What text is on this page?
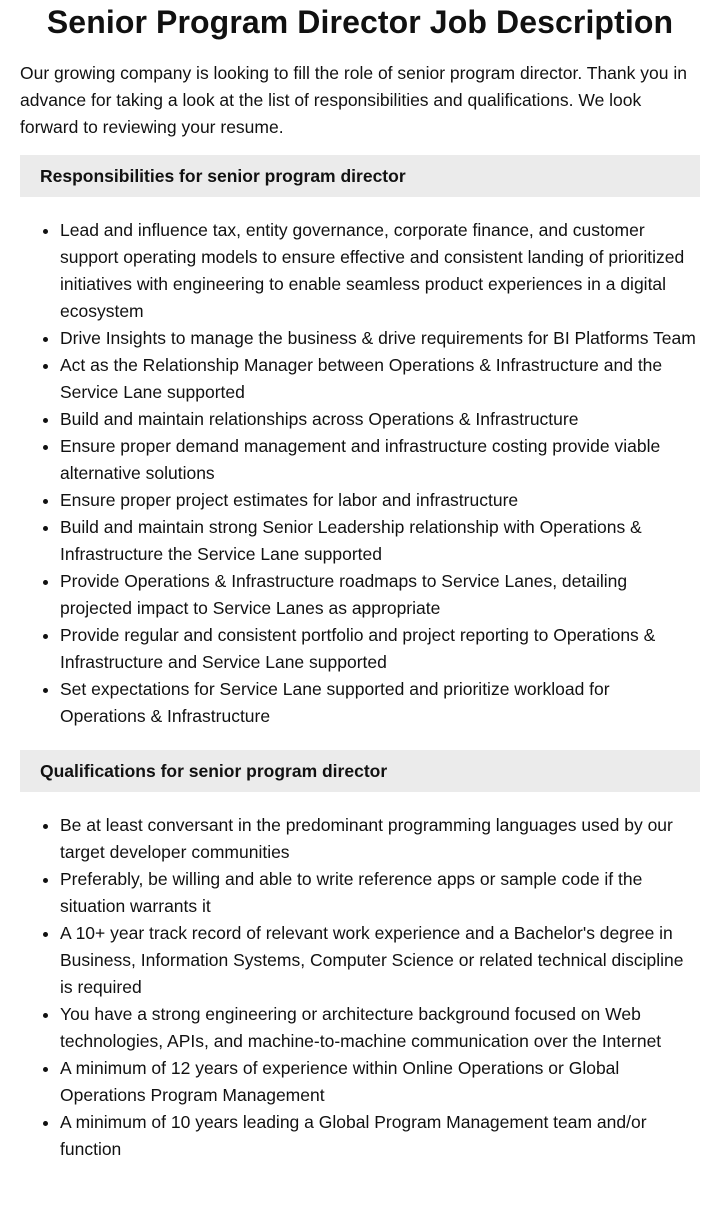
Senior Program Director Job Description

Our growing company is looking to fill the role of senior program director. Thank you in advance for taking a look at the list of responsibilities and qualifications. We look forward to reviewing your resume.

Responsibilities for senior program director
• Lead and influence tax, entity governance, corporate finance, and customer support operating models to ensure effective and consistent landing of prioritized initiatives with engineering to enable seamless product experiences in a digital ecosystem
• Drive Insights to manage the business & drive requirements for BI Platforms Team
• Act as the Relationship Manager between Operations & Infrastructure and the Service Lane supported
• Build and maintain relationships across Operations & Infrastructure
• Ensure proper demand management and infrastructure costing provide viable alternative solutions
• Ensure proper project estimates for labor and infrastructure
• Build and maintain strong Senior Leadership relationship with Operations & Infrastructure the Service Lane supported
• Provide Operations & Infrastructure roadmaps to Service Lanes, detailing projected impact to Service Lanes as appropriate
• Provide regular and consistent portfolio and project reporting to Operations & Infrastructure and Service Lane supported
• Set expectations for Service Lane supported and prioritize workload for Operations & Infrastructure
Qualifications for senior program director
• Be at least conversant in the predominant programming languages used by our target developer communities
• Preferably, be willing and able to write reference apps or sample code if the situation warrants it
• A 10+ year track record of relevant work experience and a Bachelor's degree in Business, Information Systems, Computer Science or related technical discipline is required
• You have a strong engineering or architecture background focused on Web technologies, APIs, and machine-to-machine communication over the Internet
• A minimum of 12 years of experience within Online Operations or Global Operations Program Management
• A minimum of 10 years leading a Global Program Management team and/or function
